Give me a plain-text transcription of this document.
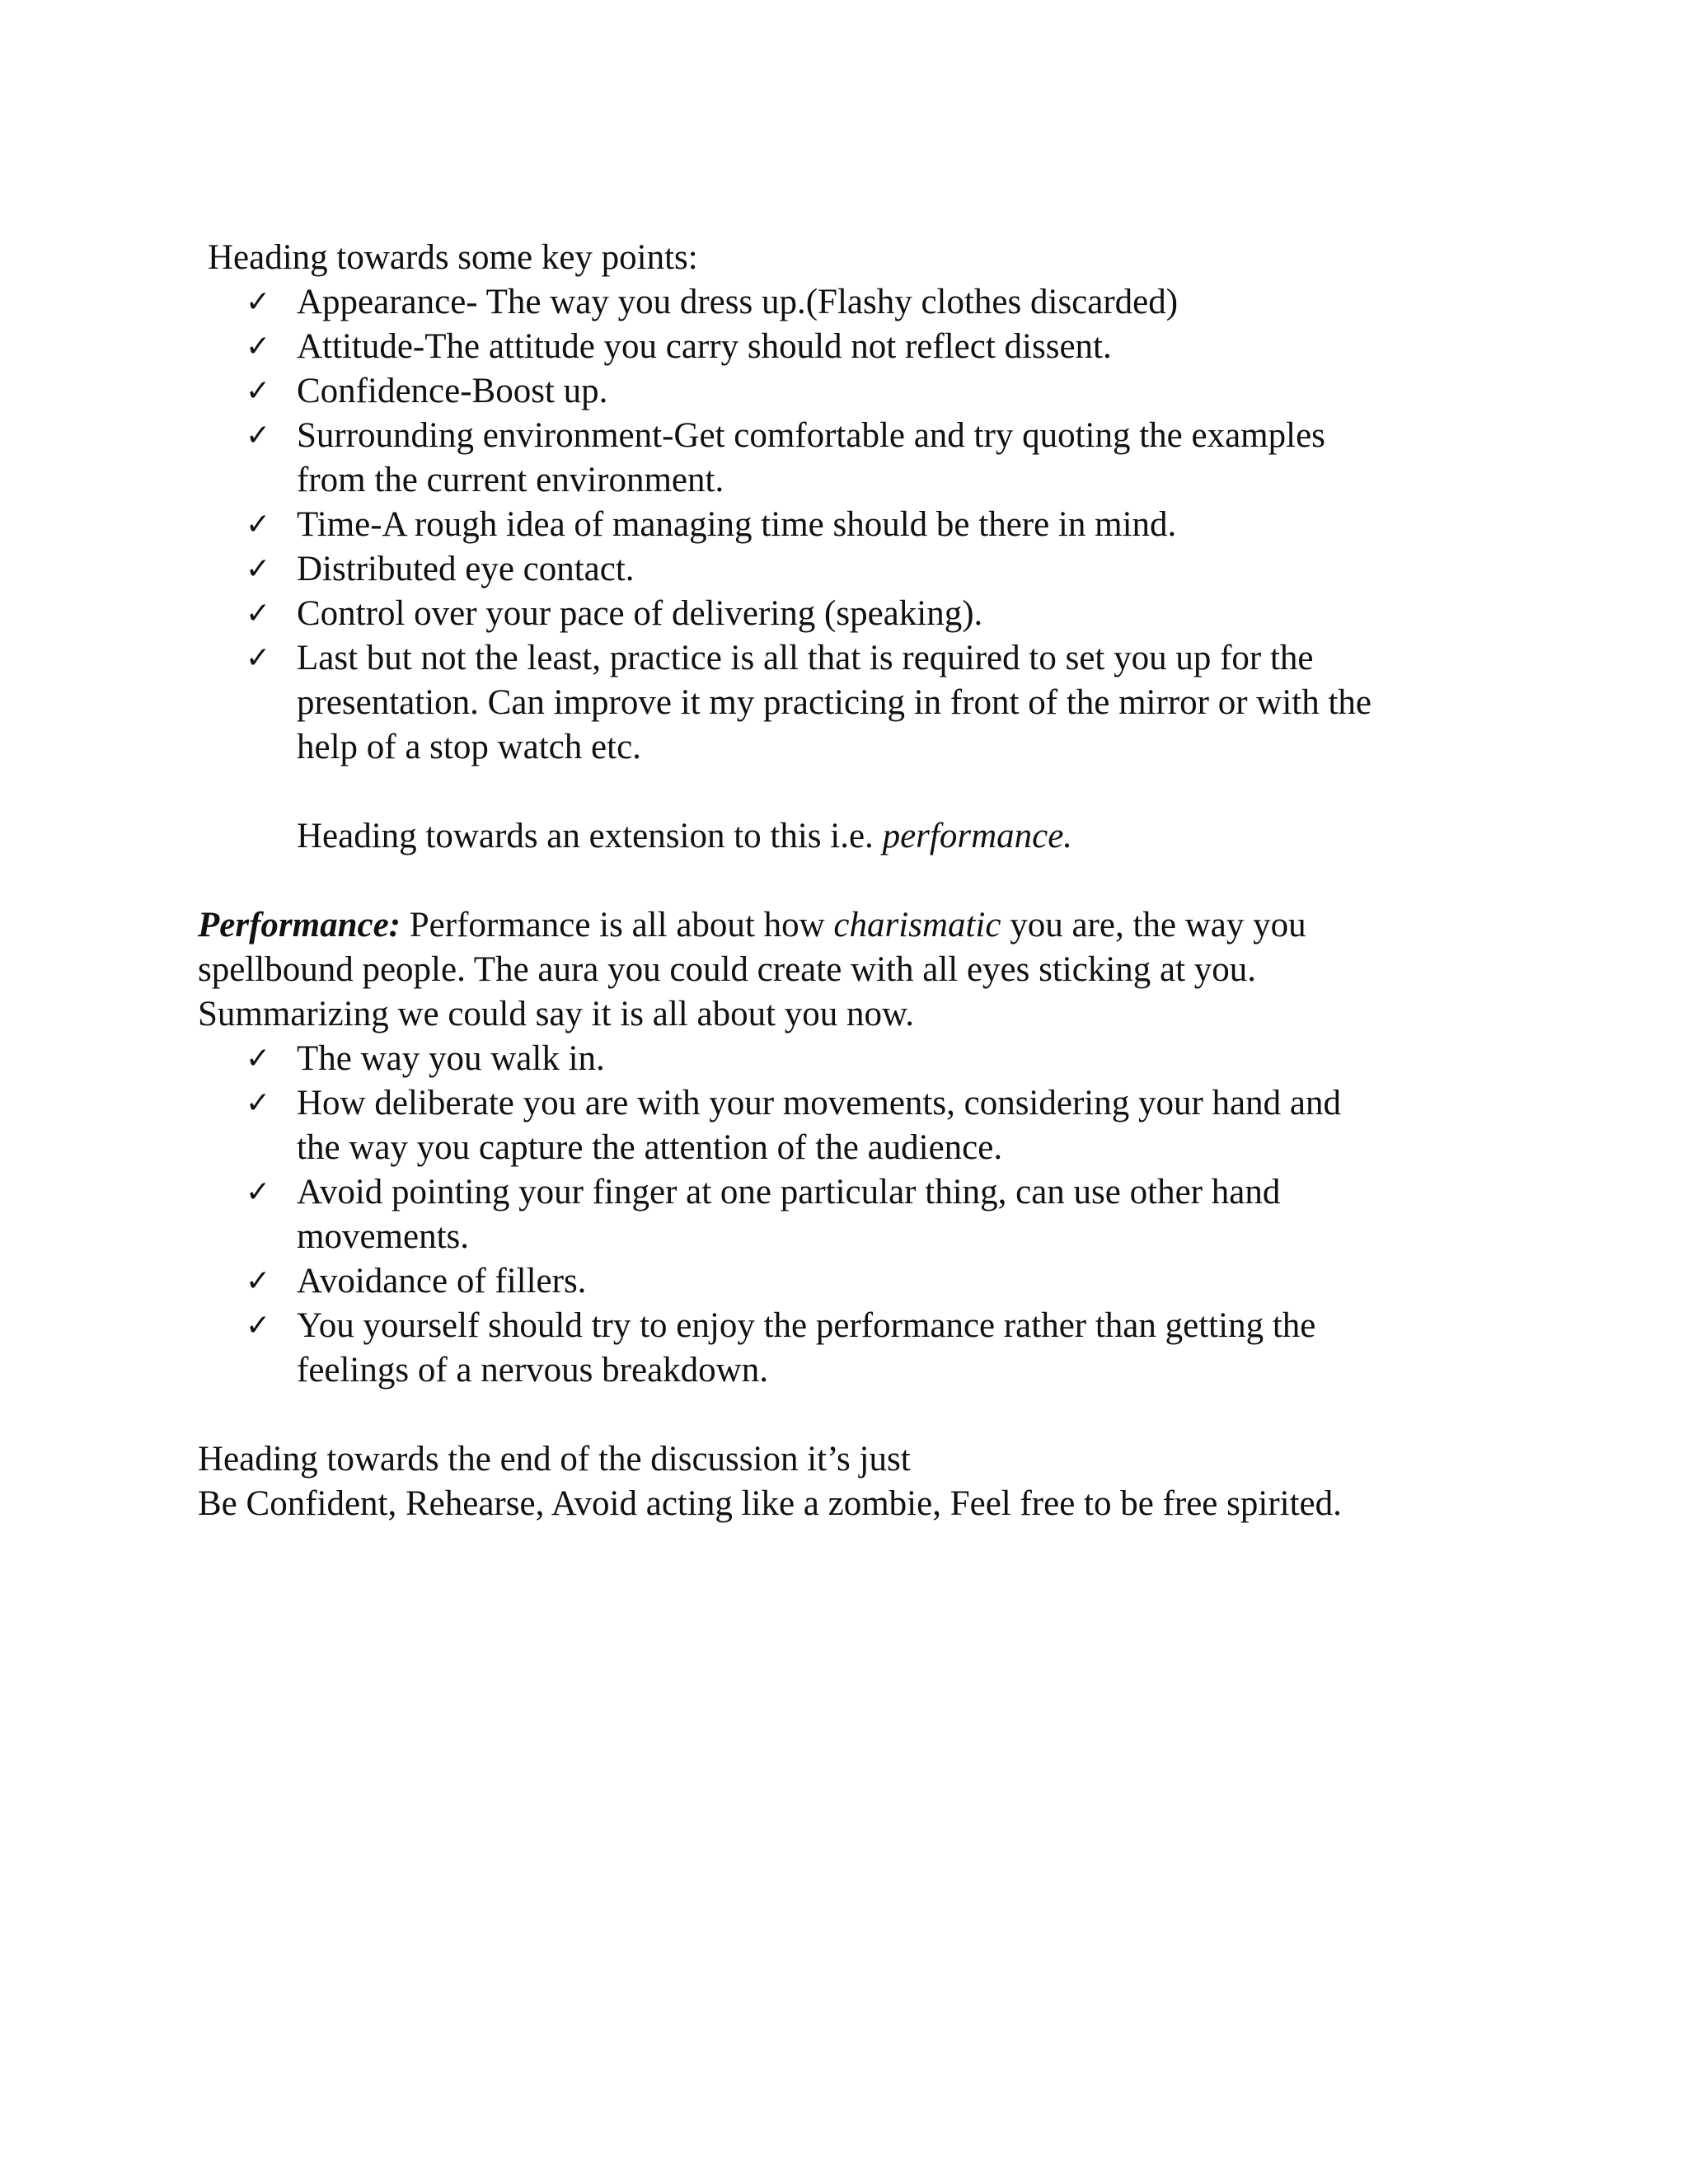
Heading towards some key points:
✓ Appearance- The way you dress up.(Flashy clothes discarded)
✓ Attitude-The attitude you carry should not reflect dissent.
✓ Confidence-Boost up.
✓ Surrounding environment-Get comfortable and try quoting the examples
from the current environment.
✓ Time-A rough idea of managing time should be there in mind.
✓ Distributed eye contact.
✓ Control over your pace of delivering (speaking).
✓ Last but not the least, practice is all that is required to set you up for the
presentation. Can improve it my practicing in front of the mirror or with the
help of a stop watch etc.
Heading towards an extension to this i.e. performance.
Performance: Performance is all about how charismatic you are, the way you
spellbound people. The aura you could create with all eyes sticking at you.
Summarizing we could say it is all about you now.
✓ The way you walk in.
✓ How deliberate you are with your movements, considering your hand and
the way you capture the attention of the audience.
✓ Avoid pointing your finger at one particular thing, can use other hand
movements.
✓ Avoidance of fillers.
✓ You yourself should try to enjoy the performance rather than getting the
feelings of a nervous breakdown.
Heading towards the end of the discussion it’s just
Be Confident, Rehearse, Avoid acting like a zombie, Feel free to be free spirited.
